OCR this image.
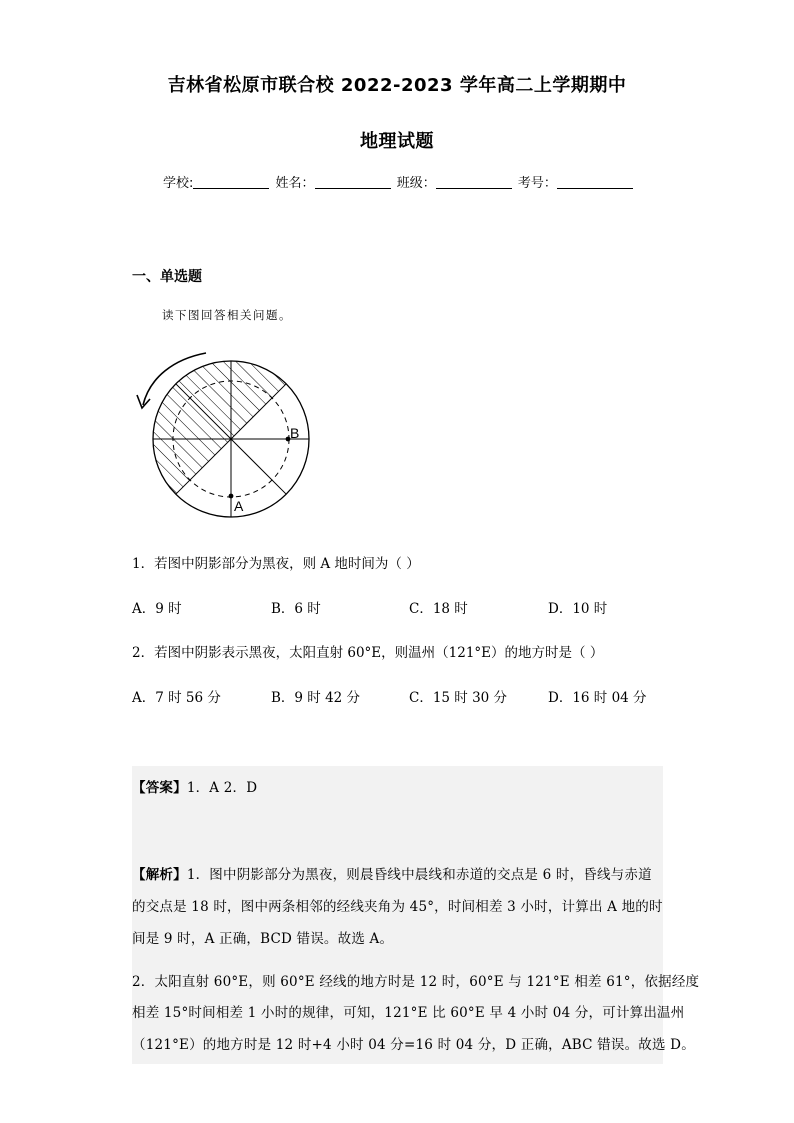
吉林省松原市联合校 2022-2023 学年高二上学期期中
地理试题
学校:	姓名：	班级：	考号：
一、单选题
读下图回答相关问题。
A
B
1．若图中阴影部分为黑夜，则 A 地时间为（ ）
A．9 时	B．6 时	C．18 时	D．10 时
2．若图中阴影表示黑夜，太阳直射 60°E，则温州（121°E）的地方时是（ ）
A．7 时 56 分	B．9 时 42 分	C．15 时 30 分	D．16 时 04 分
【答案】1．A 2．D
【解析】1．图中阴影部分为黑夜，则晨昏线中晨线和赤道的交点是 6 时，昏线与赤道
的交点是 18 时，图中两条相邻的经线夹角为 45°，时间相差 3 小时，计算出 A 地的时
间是 9 时，A 正确，BCD 错误。故选 A。
2．太阳直射 60°E，则 60°E 经线的地方时是 12 时，60°E 与 121°E 相差 61°，依据经度
相差 15°时间相差 1 小时的规律，可知，121°E 比 60°E 早 4 小时 04 分，可计算出温州
（121°E）的地方时是 12 时+4 小时 04 分=16 时 04 分，D 正确，ABC 错误。故选 D。
